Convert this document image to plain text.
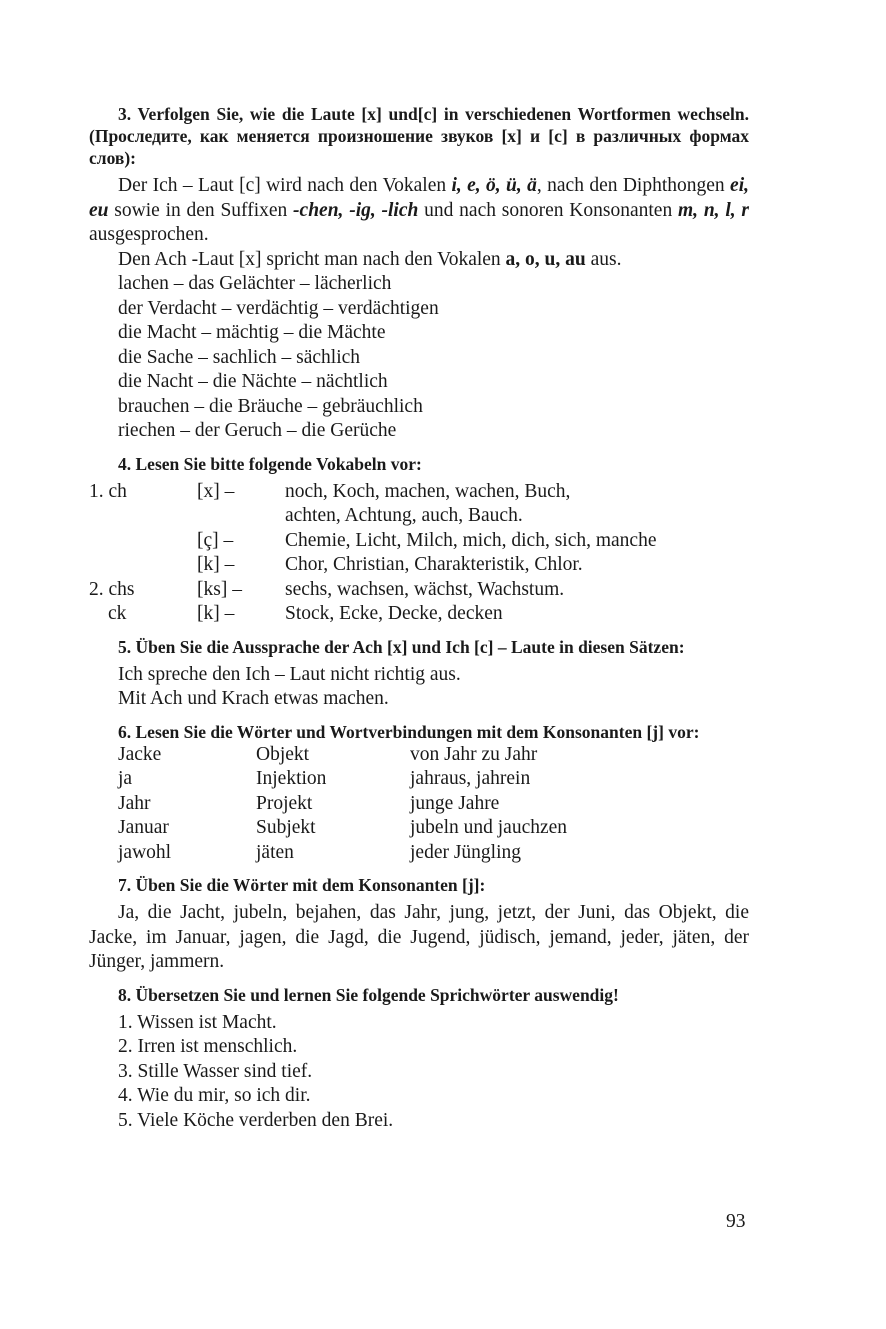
3. Verfolgen Sie, wie die Laute [x] und[c] in verschiedenen Wortformen wechseln. (Проследите, как меняется произношение звуков [x] и [c] в различных формах слов):

Der Ich – Laut [c] wird nach den Vokalen i, e, ö, ü, ä, nach den Diphthongen ei, eu sowie in den Suffixen -chen, -ig, -lich und nach sonoren Konsonanten m, n, l, r ausgesprochen.

Den Ach -Laut [x] spricht man nach den Vokalen a, o, u, au aus.

lachen – das Gelächter – lächerlich

der Verdacht – verdächtig – verdächtigen

die Macht – mächtig – die Mächte

die Sache – sachlich – sächlich

die Nacht – die Nächte – nächtlich

brauchen – die Bräuche – gebräuchlich

riechen – der Geruch – die Gerüche

4. Lesen Sie bitte folgende Vokabeln vor:

1. ch	[x] –	noch, Koch, machen, wachen, Buch,
achten, Achtung, auch, Bauch.
[ç] –	Chemie, Licht, Milch, mich, dich, sich, manche
[k] –	Chor, Christian, Charakteristik, Chlor.
2. chs	[ks] –	sechs, wachsen, wächst, Wachstum.
ck	[k] –	Stock, Ecke, Decke, decken

5. Üben Sie die Aussprache der Ach [x] und Ich [c] – Laute in diesen Sätzen:

Ich spreche den Ich – Laut nicht richtig aus.

Mit Ach und Krach etwas machen.

6. Lesen Sie die Wörter und Wortverbindungen mit dem Konsonanten [j] vor:

Jacke	Objekt	von Jahr zu Jahr
ja	Injektion	jahraus, jahrein
Jahr	Projekt	junge Jahre
Januar	Subjekt	jubeln und jauchzen
jawohl	jäten	jeder Jüngling

7. Üben Sie die Wörter mit dem Konsonanten [j]:

Ja, die Jacht, jubeln, bejahen, das Jahr, jung, jetzt, der Juni, das Objekt, die Jacke, im Januar, jagen, die Jagd, die Jugend, jüdisch, jemand, jeder, jäten, der Jünger, jammern.

8. Übersetzen Sie und lernen Sie folgende Sprichwörter auswendig!

1. Wissen ist Macht.

2. Irren ist menschlich.

3. Stille Wasser sind tief.

4. Wie du mir, so ich dir.

5. Viele Köche verderben den Brei.

93
